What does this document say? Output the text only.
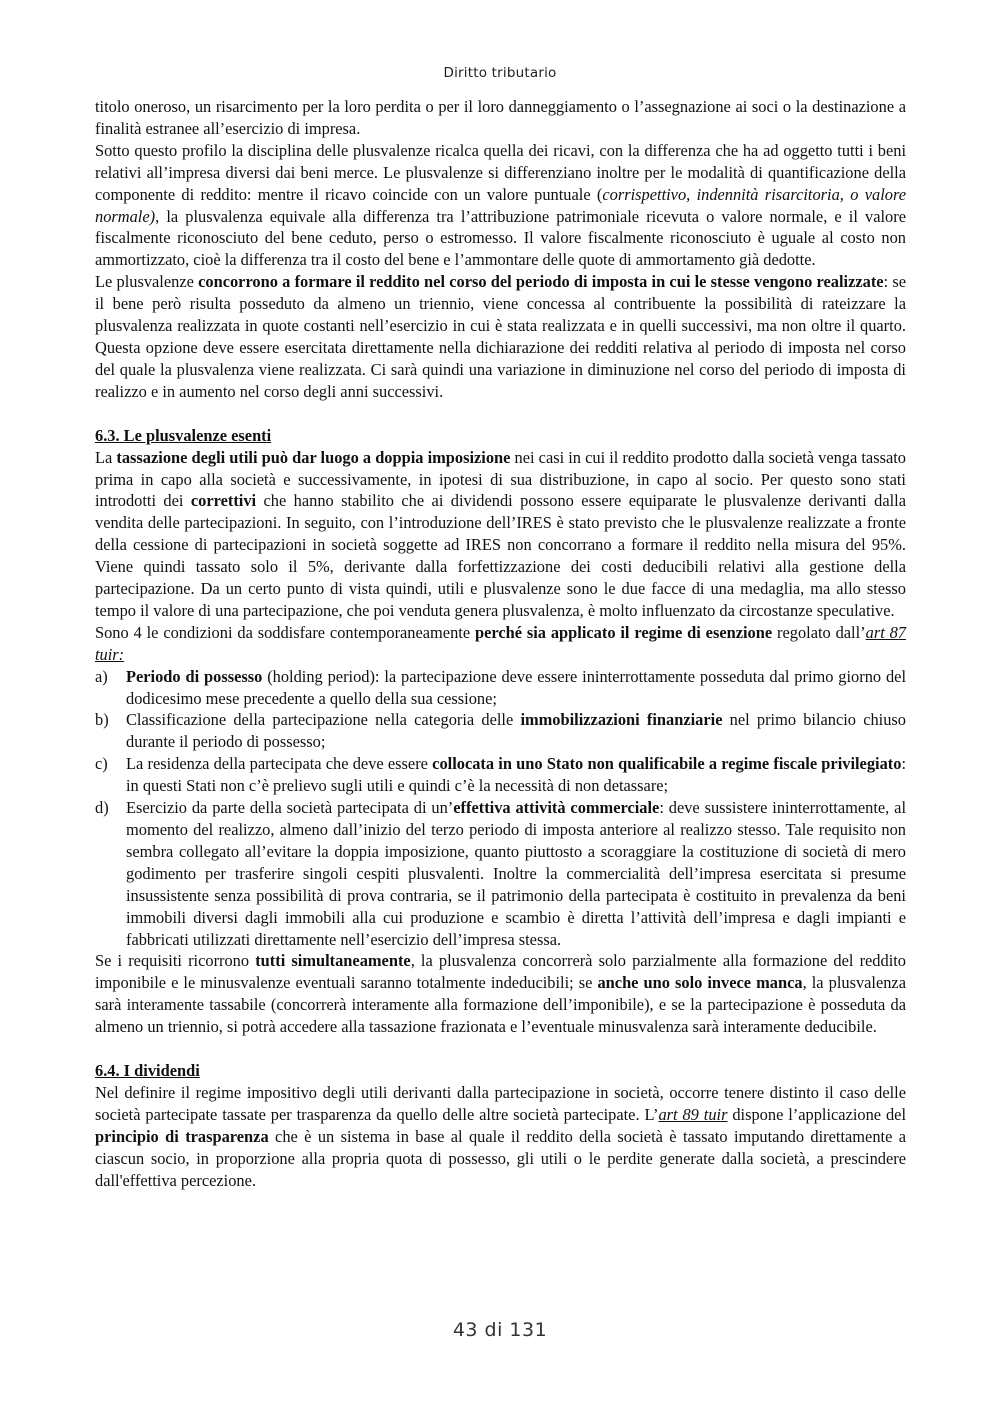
Diritto tributario

titolo oneroso, un risarcimento per la loro perdita o per il loro danneggiamento o l’assegnazione ai soci o la destinazione a finalità estranee all’esercizio di impresa.

Sotto questo profilo la disciplina delle plusvalenze ricalca quella dei ricavi, con la differenza che ha ad oggetto tutti i beni relativi all’impresa diversi dai beni merce. Le plusvalenze si differenziano inoltre per le modalità di quantificazione della componente di reddito: mentre il ricavo coincide con un valore puntuale (corrispettivo, indennità risarcitoria, o valore normale), la plusvalenza equivale alla differenza tra l’attribuzione patrimoniale ricevuta o valore normale, e il valore fiscalmente riconosciuto del bene ceduto, perso o estromesso. Il valore fiscalmente riconosciuto è uguale al costo non ammortizzato, cioè la differenza tra il costo del bene e l’ammontare delle quote di ammortamento già dedotte.

Le plusvalenze concorrono a formare il reddito nel corso del periodo di imposta in cui le stesse vengono realizzate: se il bene però risulta posseduto da almeno un triennio, viene concessa al contribuente la possibilità di rateizzare la plusvalenza realizzata in quote costanti nell’esercizio in cui è stata realizzata e in quelli successivi, ma non oltre il quarto. Questa opzione deve essere esercitata direttamente nella dichiarazione dei redditi relativa al periodo di imposta nel corso del quale la plusvalenza viene realizzata. Ci sarà quindi una variazione in diminuzione nel corso del periodo di imposta di realizzo e in aumento nel corso degli anni successivi.

6.3. Le plusvalenze esenti

La tassazione degli utili può dar luogo a doppia imposizione nei casi in cui il reddito prodotto dalla società venga tassato prima in capo alla società e successivamente, in ipotesi di sua distribuzione, in capo al socio. Per questo sono stati introdotti dei correttivi che hanno stabilito che ai dividendi possono essere equiparate le plusvalenze derivanti dalla vendita delle partecipazioni. In seguito, con l’introduzione dell’IRES è stato previsto che le plusvalenze realizzate a fronte della cessione di partecipazioni in società soggette ad IRES non concorrano a formare il reddito nella misura del 95%. Viene quindi tassato solo il 5%, derivante dalla forfettizzazione dei costi deducibili relativi alla gestione della partecipazione. Da un certo punto di vista quindi, utili e plusvalenze sono le due facce di una medaglia, ma allo stesso tempo il valore di una partecipazione, che poi venduta genera plusvalenza, è molto influenzato da circostanze speculative.

Sono 4 le condizioni da soddisfare contemporaneamente perché sia applicato il regime di esenzione regolato dall’art 87 tuir:

a) Periodo di possesso (holding period): la partecipazione deve essere ininterrottamente posseduta dal primo giorno del dodicesimo mese precedente a quello della sua cessione;
b) Classificazione della partecipazione nella categoria delle immobilizzazioni finanziarie nel primo bilancio chiuso durante il periodo di possesso;
c) La residenza della partecipata che deve essere collocata in uno Stato non qualificabile a regime fiscale privilegiato: in questi Stati non c’è prelievo sugli utili e quindi c’è la necessità di non detassare;
d) Esercizio da parte della società partecipata di un’effettiva attività commerciale: deve sussistere ininterrottamente, al momento del realizzo, almeno dall’inizio del terzo periodo di imposta anteriore al realizzo stesso. Tale requisito non sembra collegato all’evitare la doppia imposizione, quanto piuttosto a scoraggiare la costituzione di società di mero godimento per trasferire singoli cespiti plusvalenti. Inoltre la commercialità dell’impresa esercitata si presume insussistente senza possibilità di prova contraria, se il patrimonio della partecipata è costituito in prevalenza da beni immobili diversi dagli immobili alla cui produzione e scambio è diretta l’attività dell’impresa e dagli impianti e fabbricati utilizzati direttamente nell’esercizio dell’impresa stessa.

Se i requisiti ricorrono tutti simultaneamente, la plusvalenza concorrerà solo parzialmente alla formazione del reddito imponibile e le minusvalenze eventuali saranno totalmente indeducibili; se anche uno solo invece manca, la plusvalenza sarà interamente tassabile (concorrerà interamente alla formazione dell’imponibile), e se la partecipazione è posseduta da almeno un triennio, si potrà accedere alla tassazione frazionata e l’eventuale minusvalenza sarà interamente deducibile.

6.4. I dividendi

Nel definire il regime impositivo degli utili derivanti dalla partecipazione in società, occorre tenere distinto il caso delle società partecipate tassate per trasparenza da quello delle altre società partecipate. L’art 89 tuir dispone l’applicazione del principio di trasparenza che è un sistema in base al quale il reddito della società è tassato imputando direttamente a ciascun socio, in proporzione alla propria quota di possesso, gli utili o le perdite generate dalla società, a prescindere dall'effettiva percezione.

43 di 131
